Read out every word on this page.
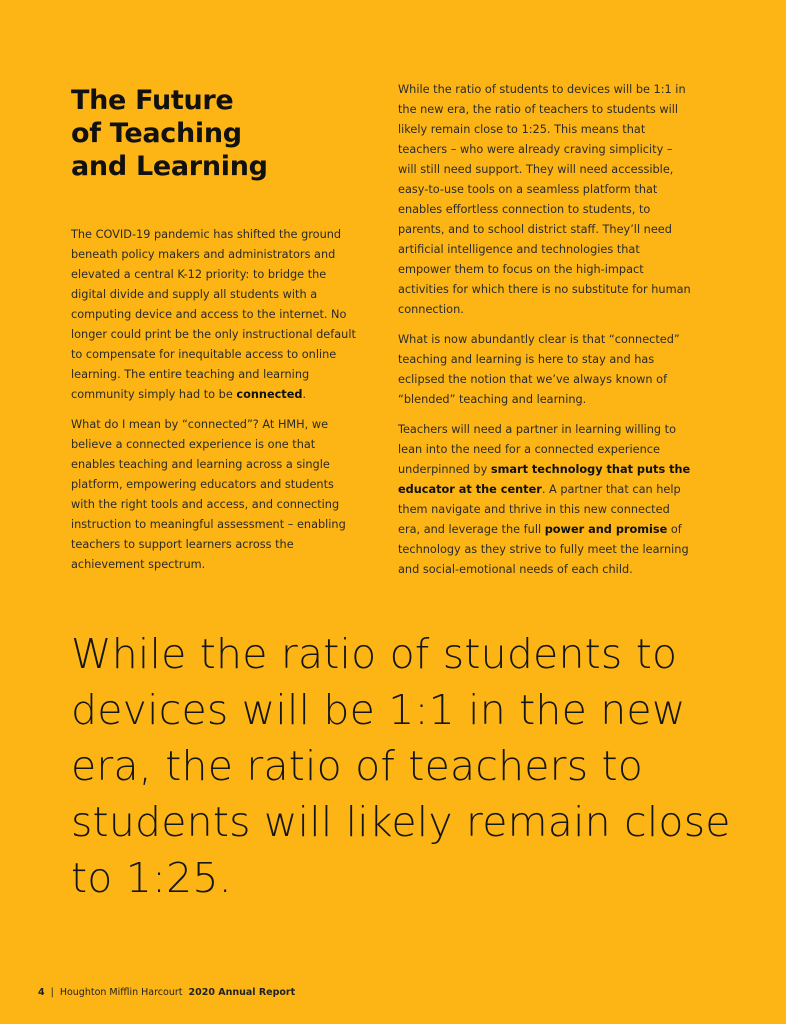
The Future
of Teaching
and Learning

The COVID-19 pandemic has shifted the ground beneath policy makers and administrators and elevated a central K-12 priority: to bridge the digital divide and supply all students with a computing device and access to the internet. No longer could print be the only instructional default to compensate for inequitable access to online learning. The entire teaching and learning community simply had to be connected.

What do I mean by “connected”? At HMH, we believe a connected experience is one that enables teaching and learning across a single platform, empowering educators and students with the right tools and access, and connecting instruction to meaningful assessment – enabling teachers to support learners across the achievement spectrum.

While the ratio of students to devices will be 1:1 in the new era, the ratio of teachers to students will likely remain close to 1:25. This means that teachers – who were already craving simplicity – will still need support. They will need accessible, easy-to-use tools on a seamless platform that enables effortless connection to students, to parents, and to school district staff. They’ll need artificial intelligence and technologies that empower them to focus on the high-impact activities for which there is no substitute for human connection.

What is now abundantly clear is that “connected” teaching and learning is here to stay and has eclipsed the notion that we’ve always known of “blended” teaching and learning.

Teachers will need a partner in learning willing to lean into the need for a connected experience underpinned by smart technology that puts the educator at the center. A partner that can help them navigate and thrive in this new connected era, and leverage the full power and promise of technology as they strive to fully meet the learning and social-emotional needs of each child.

While the ratio of students to devices will be 1:1 in the new era, the ratio of teachers to students will likely remain close to 1:25.
4 | Houghton Mifflin Harcourt 2020 Annual Report
